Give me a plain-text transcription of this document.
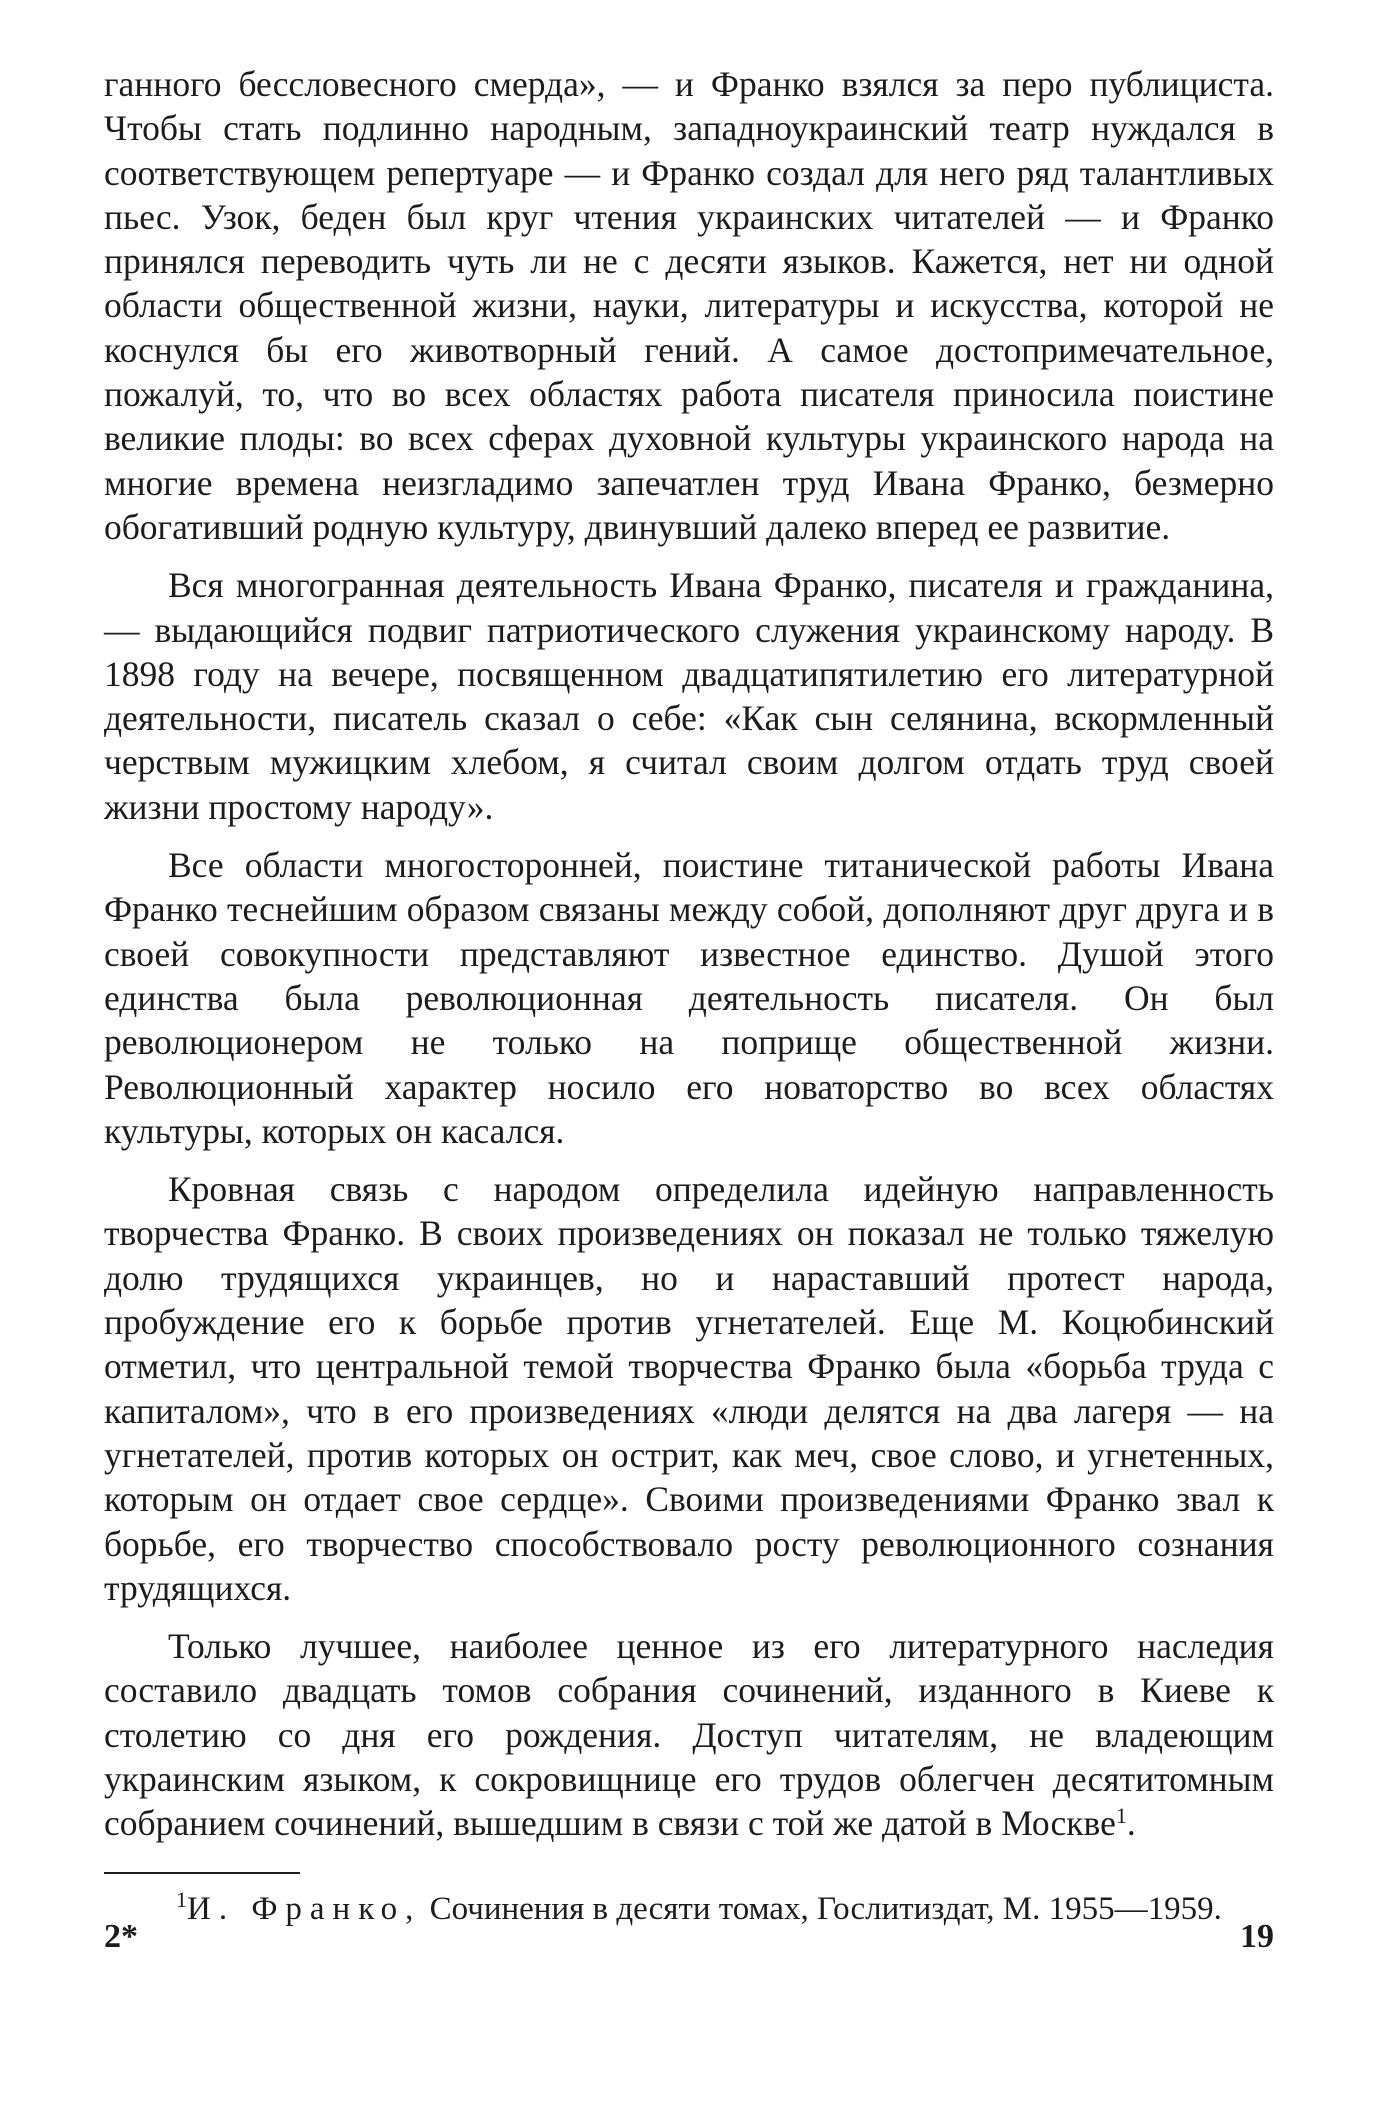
ганного бессловесного смерда», — и Франко взялся за перо публициста. Чтобы стать подлинно народным, западноукраинский театр нуждался в соответствующем репертуаре — и Франко создал для него ряд талантливых пьес. Узок, беден был круг чтения украинских читателей — и Франко принялся переводить чуть ли не с десяти языков. Кажется, нет ни одной области общественной жизни, науки, литературы и искусства, которой не коснулся бы его животворный гений. А самое достопримечательное, пожалуй, то, что во всех областях работа писателя приносила поистине великие плоды: во всех сферах духовной культуры украинского народа на многие времена неизгладимо запечатлен труд Ивана Франко, безмерно обогативший родную культуру, двинувший далеко вперед ее развитие.

Вся многогранная деятельность Ивана Франко, писателя и гражданина, — выдающийся подвиг патриотического служения украинскому народу. В 1898 году на вечере, посвященном двадцатипятилетию его литературной деятельности, писатель сказал о себе: «Как сын селянина, вскормленный черствым мужицким хлебом, я считал своим долгом отдать труд своей жизни простому народу».

Все области многосторонней, поистине титанической работы Ивана Франко теснейшим образом связаны между собой, дополняют друг друга и в своей совокупности представляют известное единство. Душой этого единства была революционная деятельность писателя. Он был революционером не только на поприще общественной жизни. Революционный характер носило его новаторство во всех областях культуры, которых он касался.

Кровная связь с народом определила идейную направленность творчества Франко. В своих произведениях он показал не только тяжелую долю трудящихся украинцев, но и нараставший протест народа, пробуждение его к борьбе против угнетателей. Еще М. Коцюбинский отметил, что центральной темой творчества Франко была «борьба труда с капиталом», что в его произведениях «люди делятся на два лагеря — на угнетателей, против которых он острит, как меч, свое слово, и угнетенных, которым он отдает свое сердце». Своими произведениями Франко звал к борьбе, его творчество способствовало росту революционного сознания трудящихся.

Только лучшее, наиболее ценное из его литературного наследия составило двадцать томов собрания сочинений, изданного в Киеве к столетию со дня его рождения. Доступ читателям, не владеющим украинским языком, к сокровищнице его трудов облегчен десятитомным собранием сочинений, вышедшим в связи с той же датой в Москве$^1$.

$^1$И. Франко, Сочинения в десяти томах, Гослитиздат, М. 1955—1959.

2*	19
